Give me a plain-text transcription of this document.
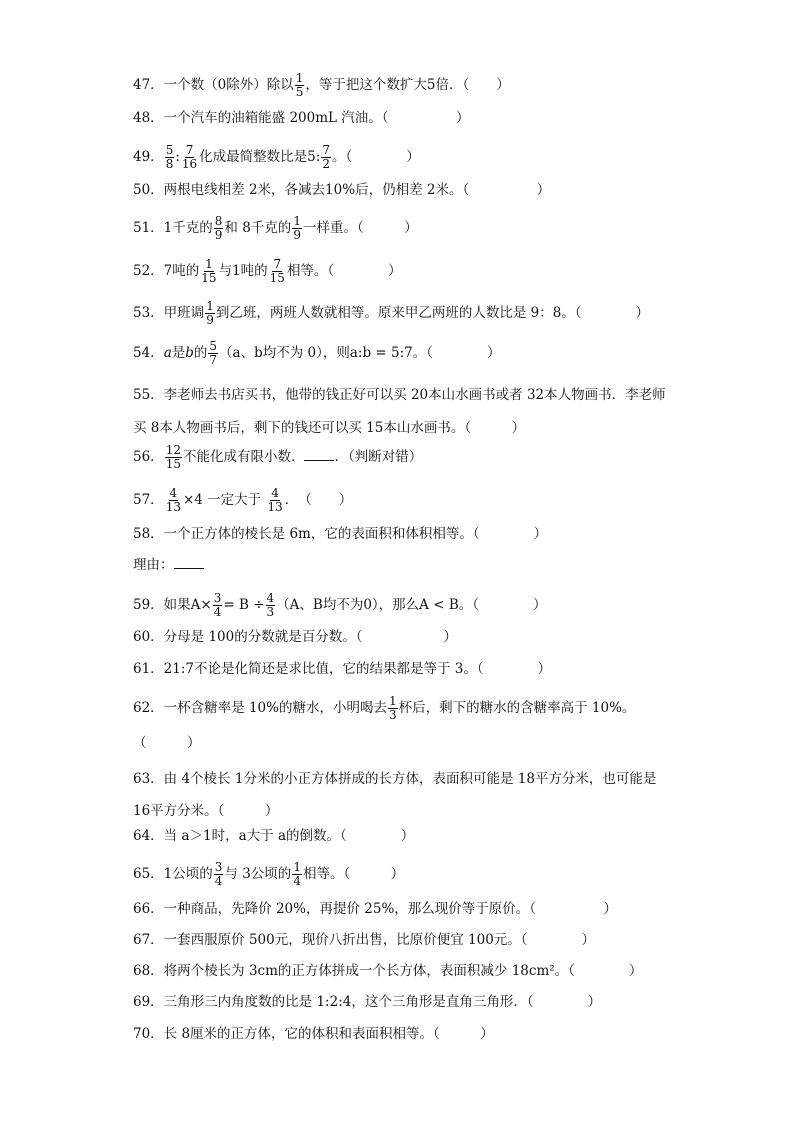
47．一个数（0除外）除以 $\frac{1}{5}$ ，等于把这个数扩大5倍．（　　）
48．一个汽车的油箱能盛 200mL 汽油。（　　　　　）
49． $\frac{5}{8}$ : $\frac{7}{16}$ 化成最简整数比是5: $\frac{7}{2}$ 。（　　　　）
50．两根电线相差 2米，各减去10%后，仍相差 2米。（　　　　　）
51．1千克的 $\frac{8}{9}$ 和 8千克的 $\frac{1}{9}$ 一样重。（　　　）
52．7吨的 $\frac{1}{15}$ 与1吨的 $\frac{7}{15}$ 相等。（　　　　）
53．甲班调 $\frac{1}{9}$ 到乙班，两班人数就相等。原来甲乙两班的人数比是 9：8。（　　　　）
54．a是b的 $\frac{5}{7} (a$、b均不为 0），则a:b = 5:7。（　　　　）
55．李老师去书店买书，他带的钱正好可以买 20本山水画书或者 32本人物画书．李老师买 8本人物画书后，剩下的钱还可以买 15本山水画书。（　　　）
56． $\frac{12}{15}$ 不能化成有限小数． ．（判断对错）
57． $\frac{4}{13} \times 4$ 一定大于 $\frac{4}{13}$ ．　（　　）
58．一个正方体的棱长是 6m，它的表面积和体积相等。（　　　　）
理由：
59．如果$A\times \frac{3}{4} = B \div \frac{4}{3} (A$、B均不为0），那么A < B。（　　　　）
60．分母是 100的分数就是百分数。（　　　　　　）
61．21:7不论是化简还是求比值，它的结果都是等于 3。（　　　　）
62．一杯含糖率是 10%的糖水，小明喝去 $\frac{1}{3}$ 杯后，剩下的糖水的含糖率高于 10%。
（　　　）
63．由 4个棱长 1分米的小正方体拼成的长方体，表面积可能是 18平方分米，也可能是 16平方分米。（　　　）
64．当 a＞1时，a大于 a的倒数。（　　　　）
65．1公顷的 $\frac{3}{4}$ 与 3公顷的 $\frac{1}{4}$ 相等。（　　　）
66．一种商品，先降价 20%，再提价 25%，那么现价等于原价。（　　　　　）
67．一套西服原价 500元，现价八折出售，比原价便宜 100元。（　　　　）
68．将两个棱长为 3cm的正方体拼成一个长方体，表面积减少 18cm²。（　　　　）
69．三角形三内角度数的比是 1:2:4，这个三角形是直角三角形．（　　　　）
70．长 8厘米的正方体，它的体积和表面积相等。（　　　）
